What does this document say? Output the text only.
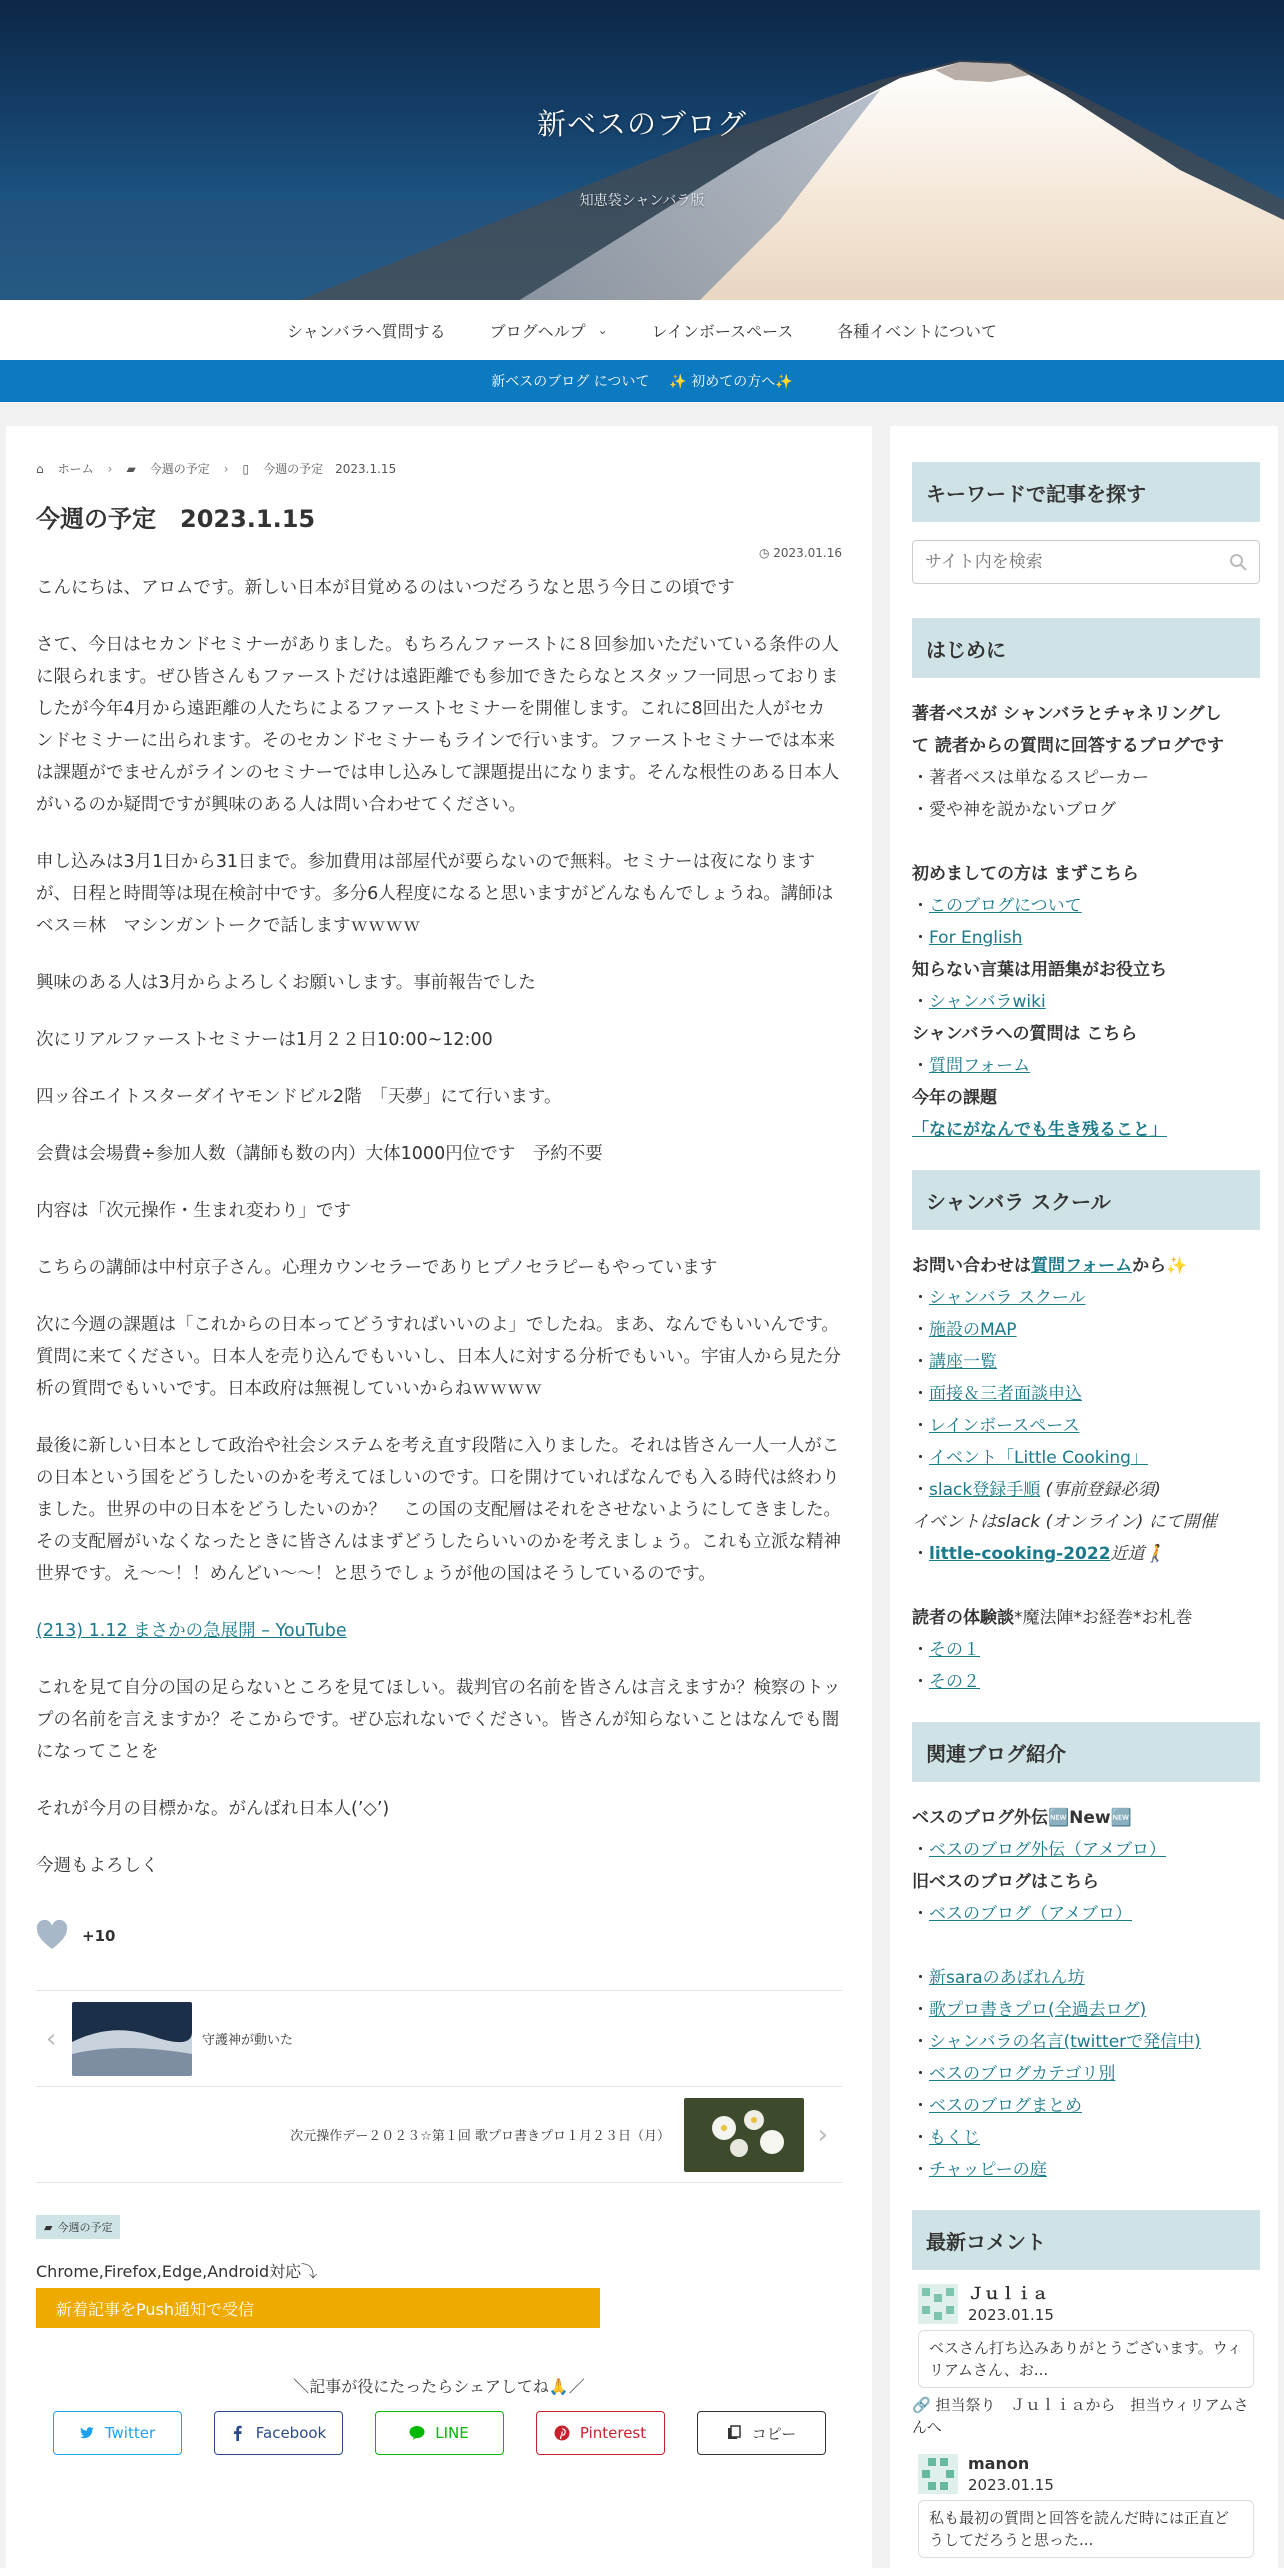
新ベスのブログ
知恵袋シャンバラ版
シャンバラへ質問する	ブログヘルプ ⌄	レインボースペース	各種イベントについて
新ベスのブログ について ✨ 初めての方へ✨
⌂ ホーム › ▰ 今週の予定 › ▯ 今週の予定　2023.1.15
今週の予定　2023.1.15
◷ 2023.01.16

こんにちは、アロムです。新しい日本が目覚めるのはいつだろうなと思う今日この頃です

さて、今日はセカンドセミナーがありました。もちろんファーストに８回参加いただいている条件の人に限られます。ぜひ皆さんもファーストだけは遠距離でも参加できたらなとスタッフ一同思っておりましたが今年4月から遠距離の人たちによるファーストセミナーを開催します。これに8回出た人がセカンドセミナーに出られます。そのセカンドセミナーもラインで行います。ファーストセミナーでは本来は課題がでませんがラインのセミナーでは申し込みして課題提出になります。そんな根性のある日本人がいるのか疑問ですが興味のある人は問い合わせてください。

申し込みは3月1日から31日まで。参加費用は部屋代が要らないので無料。セミナーは夜になりますが、日程と時間等は現在検討中です。多分6人程度になると思いますがどんなもんでしょうね。講師はベス＝林　マシンガントークで話しますｗｗｗｗ

興味のある人は3月からよろしくお願いします。事前報告でした

次にリアルファーストセミナーは1月２２日10:00~12:00

四ッ谷エイトスターダイヤモンドビル2階　「天夢」にて行います。

会費は会場費÷参加人数（講師も数の内）大体1000円位です　予約不要

内容は「次元操作・生まれ変わり」です

こちらの講師は中村京子さん。心理カウンセラーでありヒプノセラピーもやっています

次に今週の課題は「これからの日本ってどうすればいいのよ」でしたね。まあ、なんでもいいんです。質問に来てください。日本人を売り込んでもいいし、日本人に対する分析でもいい。宇宙人から見た分析の質問でもいいです。日本政府は無視していいからねｗｗｗｗ

最後に新しい日本として政治や社会システムを考え直す段階に入りました。それは皆さん一人一人がこの日本という国をどうしたいのかを考えてほしいのです。口を開けていればなんでも入る時代は終わりました。世界の中の日本をどうしたいのか？　この国の支配層はそれをさせないようにしてきました。その支配層がいなくなったときに皆さんはまずどうしたらいいのかを考えましょう。これも立派な精神世界です。え～～！！めんどい～～！と思うでしょうが他の国はそうしているのです。

(213) 1.12 まさかの急展開 – YouTube

これを見て自分の国の足らないところを見てほしい。裁判官の名前を皆さんは言えますか？検察のトップの名前を言えますか？そこからです。ぜひ忘れないでください。皆さんが知らないことはなんでも闇になってことを

それが今月の目標かな。がんばれ日本人(’◇’)

今週もよろしく

+10
‹	守護神が動いた
次元操作デー２０２３☆第１回 歌プロ書きプロ１月２３日（月）	›
▰ 今週の予定
Chrome,Firefox,Edge,Android対応⤵
新着記事をPush通知で受信
＼記事が役にたったらシェアしてね🙏／
Twitter	Facebook	LINE	Pinterest	コピー
キーワードで記事を探す
サイト内を検索
はじめに
著者ベスが シャンバラとチャネリングし
て 読者からの質問に回答するブログです
・著者ベスは単なるスピーカー
・愛や神を説かないブログ
初めましての方は まずこちら
・このブログについて
・For English
知らない言葉は用語集がお役立ち
・シャンバラwiki
シャンバラへの質問は こちら
・質問フォーム
今年の課題
「なにがなんでも生き残ること」
シャンバラ スクール
お問い合わせは質問フォームから✨
・シャンバラ スクール
・施設のMAP
・講座一覧
・面接＆三者面談申込
・レインボースペース
・イベント「Little Cooking」
・slack登録手順 (事前登録必須)
イベントはslack (オンライン) にて開催
・little-cooking-2022近道🚶
読者の体験談*魔法陣*お経巻*お札巻
・その１
・その２
関連ブログ紹介
ベスのブログ外伝🆕New🆕
・ベスのブログ外伝（アメブロ）
旧ベスのブログはこちら
・ベスのブログ（アメブロ）
・新saraのあばれん坊
・歌プロ書きプロ(全過去ログ)
・シャンバラの名言(twitterで発信中)
・ベスのブログカテゴリ別
・ベスのブログまとめ
・もくじ
・チャッピーの庭
最新コメント
Ｊｕｌｉａ
2023.01.15
ベスさん打ち込みありがとうございます。ウィリアムさん、お...
🔗 担当祭り　Ｊｕｌｉａから　担当ウィリアムさんへ
manon
2023.01.15
私も最初の質問と回答を読んだ時には正直どうしてだろうと思った...
